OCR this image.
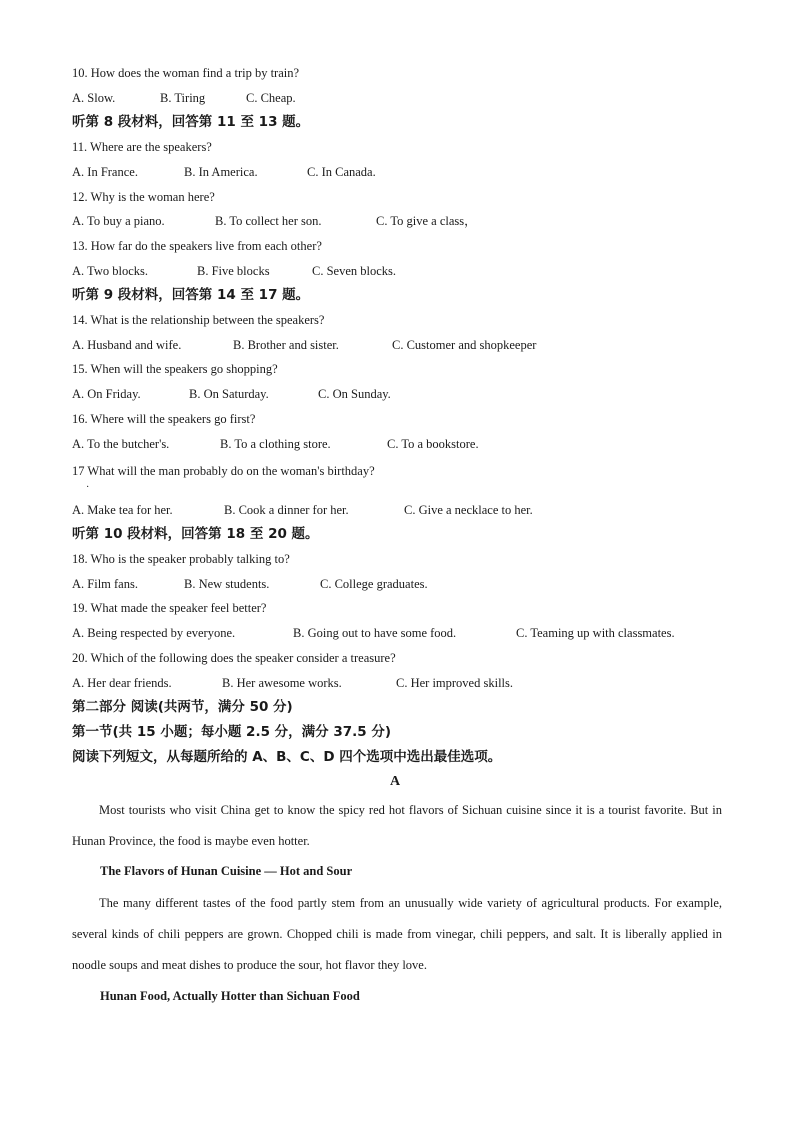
10. How does the woman find a trip by train?
A. Slow.	B. Tiring	C. Cheap.
听第 8 段材料，回答第 11 至 13 题。
11. Where are the speakers?
A. In France.	B. In America.	C. In Canada.
12. Why is the woman here?
A. To buy a piano.	B. To collect her son.	C. To give a class，
13. How far do the speakers live from each other?
A. Two blocks.	B. Five blocks	C. Seven blocks.
听第 9 段材料，回答第 14 至 17 题。
14. What is the relationship between the speakers?
A. Husband and wife.	B. Brother and sister.	C. Customer and shopkeeper
15. When will the speakers go shopping?
A. On Friday.	B. On Saturday.	C. On Sunday.
16. Where will the speakers go first?
A. To the butcher's.	B. To a clothing store.	C. To a bookstore.
17 What will the man probably do on the woman's birthday?
·
A. Make tea for her.	B. Cook a dinner for her.	C. Give a necklace to her.
听第 10 段材料，回答第 18 至 20 题。
18. Who is the speaker probably talking to?
A. Film fans.	B. New students.	C. College graduates.
19. What made the speaker feel better?
A. Being respected by everyone.	B. Going out to have some food.	C. Teaming up with classmates.
20. Which of the following does the speaker consider a treasure?
A. Her dear friends.	B. Her awesome works.	C. Her improved skills.
第二部分 阅读(共两节，满分 50 分)
第一节(共 15 小题；每小题 2.5 分，满分 37.5 分)
阅读下列短文，从每题所给的 A、B、C、D 四个选项中选出最佳选项。
A
Most tourists who visit China get to know the spicy red hot flavors of Sichuan cuisine since it is a tourist favorite. But in Hunan Province, the food is maybe even hotter.
The Flavors of Hunan Cuisine — Hot and Sour
The many different tastes of the food partly stem from an unusually wide variety of agricultural products. For example, several kinds of chili peppers are grown. Chopped chili is made from vinegar, chili peppers, and salt. It is liberally applied in noodle soups and meat dishes to produce the sour, hot flavor they love.
Hunan Food, Actually Hotter than Sichuan Food
